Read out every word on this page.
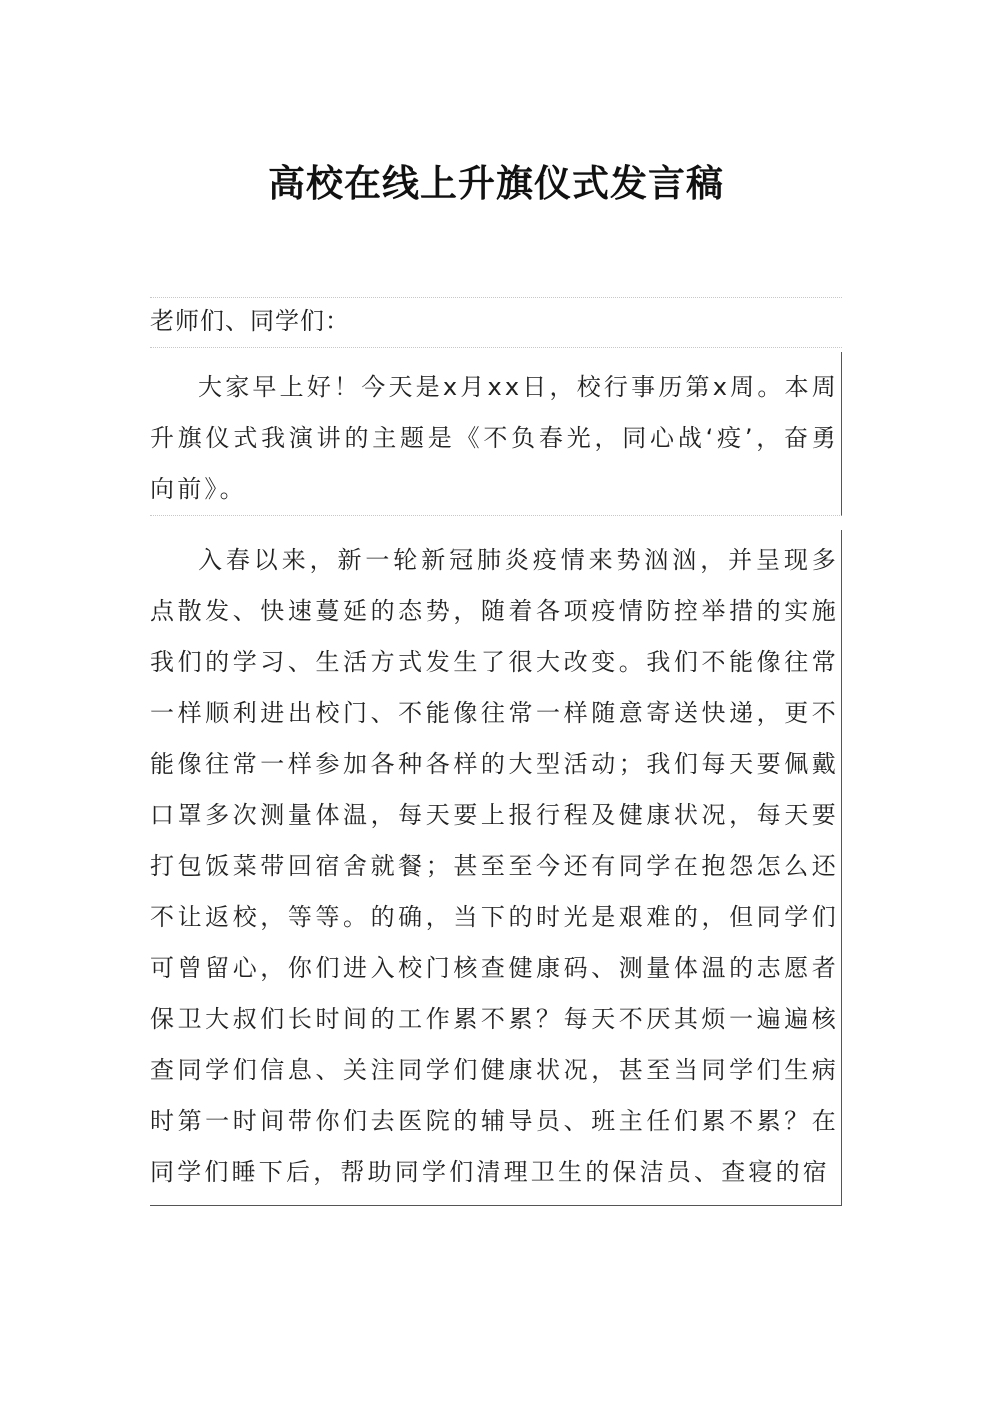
高校在线上升旗仪式发言稿

老师们、同学们：

大家早上好！今天是x月xx日，校行事历第x周。本周升旗仪式我演讲的主题是《不负春光，同心战‘疫’，奋勇向前》。

入春以来，新一轮新冠肺炎疫情来势汹汹，并呈现多点散发、快速蔓延的态势，随着各项疫情防控举措的实施我们的学习、生活方式发生了很大改变。我们不能像往常一样顺利进出校门、不能像往常一样随意寄送快递，更不能像往常一样参加各种各样的大型活动；我们每天要佩戴口罩多次测量体温，每天要上报行程及健康状况，每天要打包饭菜带回宿舍就餐；甚至至今还有同学在抱怨怎么还不让返校，等等。的确，当下的时光是艰难的，但同学们可曾留心，你们进入校门核查健康码、测量体温的志愿者保卫大叔们长时间的工作累不累？每天不厌其烦一遍遍核查同学们信息、关注同学们健康状况，甚至当同学们生病时第一时间带你们去医院的辅导员、班主任们累不累？在同学们睡下后，帮助同学们清理卫生的保洁员、查寝的宿
